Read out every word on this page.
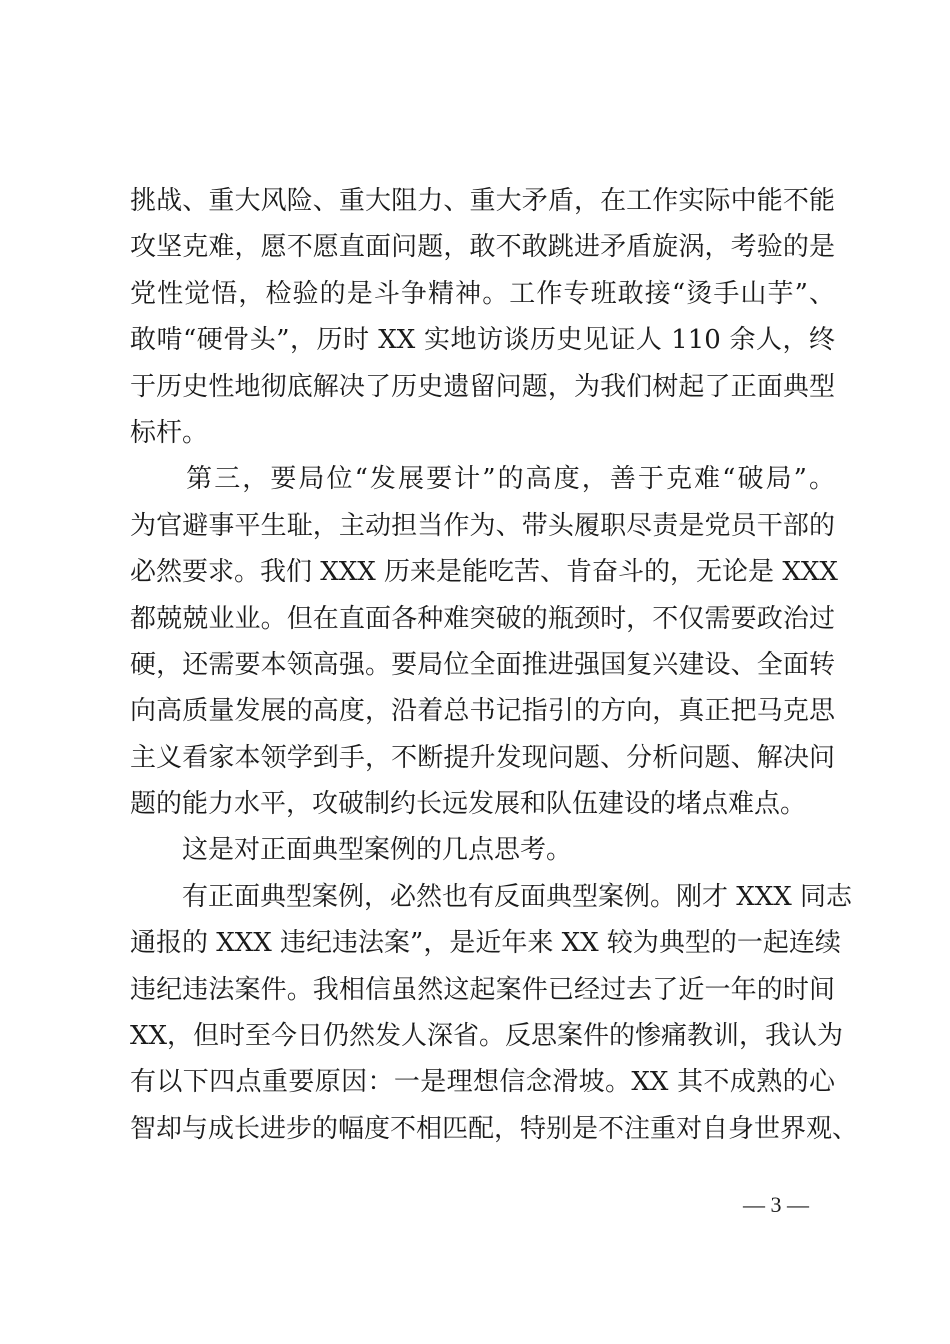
挑战、重大风险、重大阻力、重大矛盾，在工作实际中能不能
攻坚克难，愿不愿直面问题，敢不敢跳进矛盾旋涡，考验的是
党性觉悟，检验的是斗争精神。工作专班敢接“烫手山芋”、
敢啃“硬骨头”，历时 XX 实地访谈历史见证人 110 余人，终
于历史性地彻底解决了历史遗留问题，为我们树起了正面典型
标杆。
　　第三，要局位“发展要计”的高度，善于克难“破局”。
为官避事平生耻，主动担当作为、带头履职尽责是党员干部的
必然要求。我们 XXX 历来是能吃苦、肯奋斗的，无论是 XXX
都兢兢业业。但在直面各种难突破的瓶颈时，不仅需要政治过
硬，还需要本领高强。要局位全面推进强国复兴建设、全面转
向高质量发展的高度，沿着总书记指引的方向，真正把马克思
主义看家本领学到手，不断提升发现问题、分析问题、解决问
题的能力水平，攻破制约长远发展和队伍建设的堵点难点。
　　这是对正面典型案例的几点思考。
　　有正面典型案例，必然也有反面典型案例。刚才 XXX 同志
通报的 XXX 违纪违法案”，是近年来 XX 较为典型的一起连续
违纪违法案件。我相信虽然这起案件已经过去了近一年的时间
XX，但时至今日仍然发人深省。反思案件的惨痛教训，我认为
有以下四点重要原因：一是理想信念滑坡。XX 其不成熟的心
智却与成长进步的幅度不相匹配，特别是不注重对自身世界观、
— 3 —
